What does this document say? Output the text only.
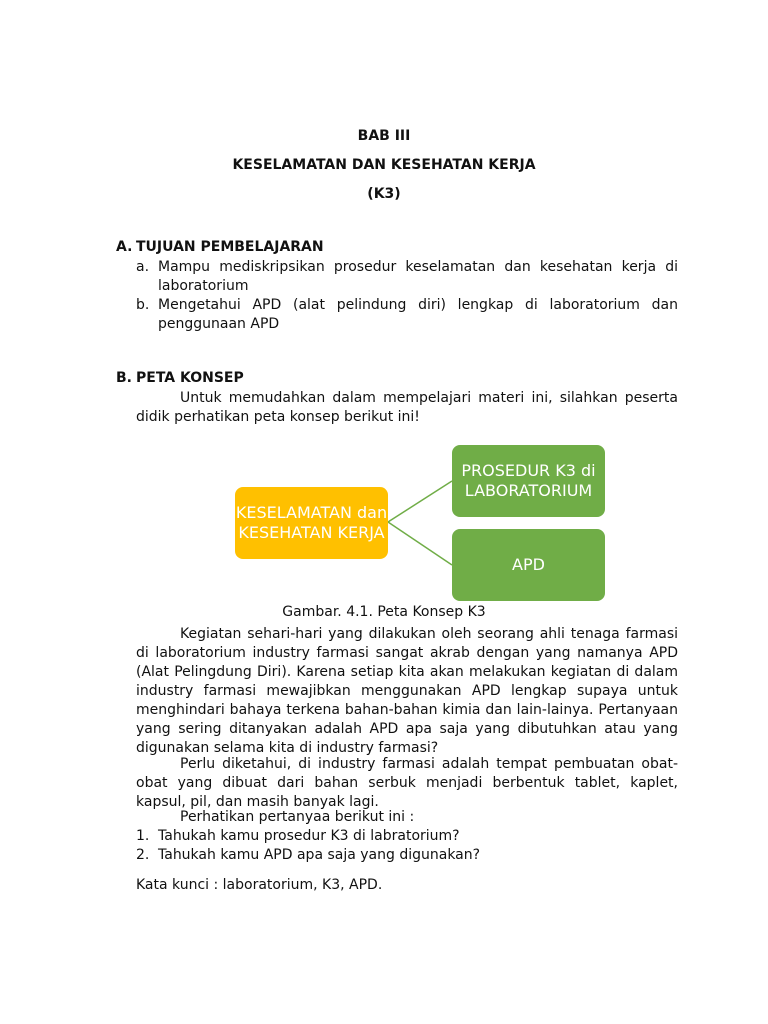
BAB III
KESELAMATAN DAN KESEHATAN KERJA
(K3)
A. TUJUAN PEMBELAJARAN
a. Mampu mediskripsikan prosedur keselamatan dan kesehatan kerja di laboratorium
b. Mengetahui APD (alat pelindung diri) lengkap di laboratorium dan penggunaan APD
B. PETA KONSEP

Untuk memudahkan dalam mempelajari materi ini, silahkan peserta didik perhatikan peta konsep berikut ini!

KESELAMATAN dan KESEHATAN KERJA
PROSEDUR K3 di LABORATORIUM
APD
Gambar. 4.1. Peta Konsep K3

Kegiatan sehari-hari yang dilakukan oleh seorang ahli tenaga farmasi di laboratorium industry farmasi sangat akrab dengan yang namanya APD (Alat Pelingdung Diri). Karena setiap kita akan melakukan kegiatan di dalam industry farmasi mewajibkan menggunakan APD lengkap supaya untuk menghindari bahaya terkena bahan-bahan kimia dan lain-lainya. Pertanyaan yang sering ditanyakan adalah APD apa saja yang dibutuhkan atau yang digunakan selama kita di industry farmasi?

Perlu diketahui, di industry farmasi adalah tempat pembuatan obat-obat yang dibuat dari bahan serbuk menjadi berbentuk tablet, kaplet, kapsul, pil, dan masih banyak lagi.

Perhatikan pertanyaa berikut ini :

1. Tahukah kamu prosedur K3 di labratorium?
2. Tahukah kamu APD apa saja yang digunakan?

Kata kunci : laboratorium, K3, APD.
